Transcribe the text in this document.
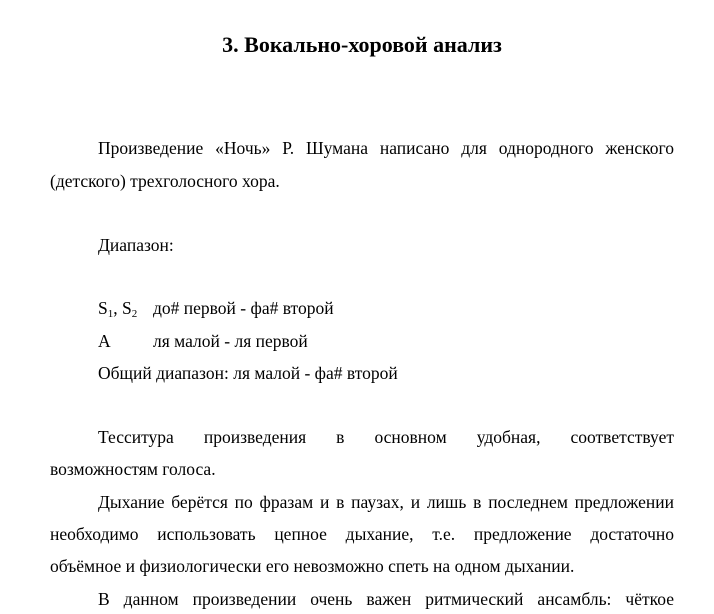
3. Вокально-хоровой анализ
Произведение «Ночь» Р. Шумана написано для однородного женского
(детского) трехголосного хора.
Диапазон:
$S_1$, $S_2$ до# первой - фа# второй
A ля малой - ля первой
Общий диапазон: ля малой - фа# второй
Тесситура произведения в основном удобная, соответствует
возможностям голоса.
Дыхание берётся по фразам и в паузах, и лишь в последнем предложении
необходимо использовать цепное дыхание, т.е. предложение достаточно
объёмное и физиологически его невозможно спеть на одном дыхании.
В данном произведении очень важен ритмический ансамбль: чёткое
